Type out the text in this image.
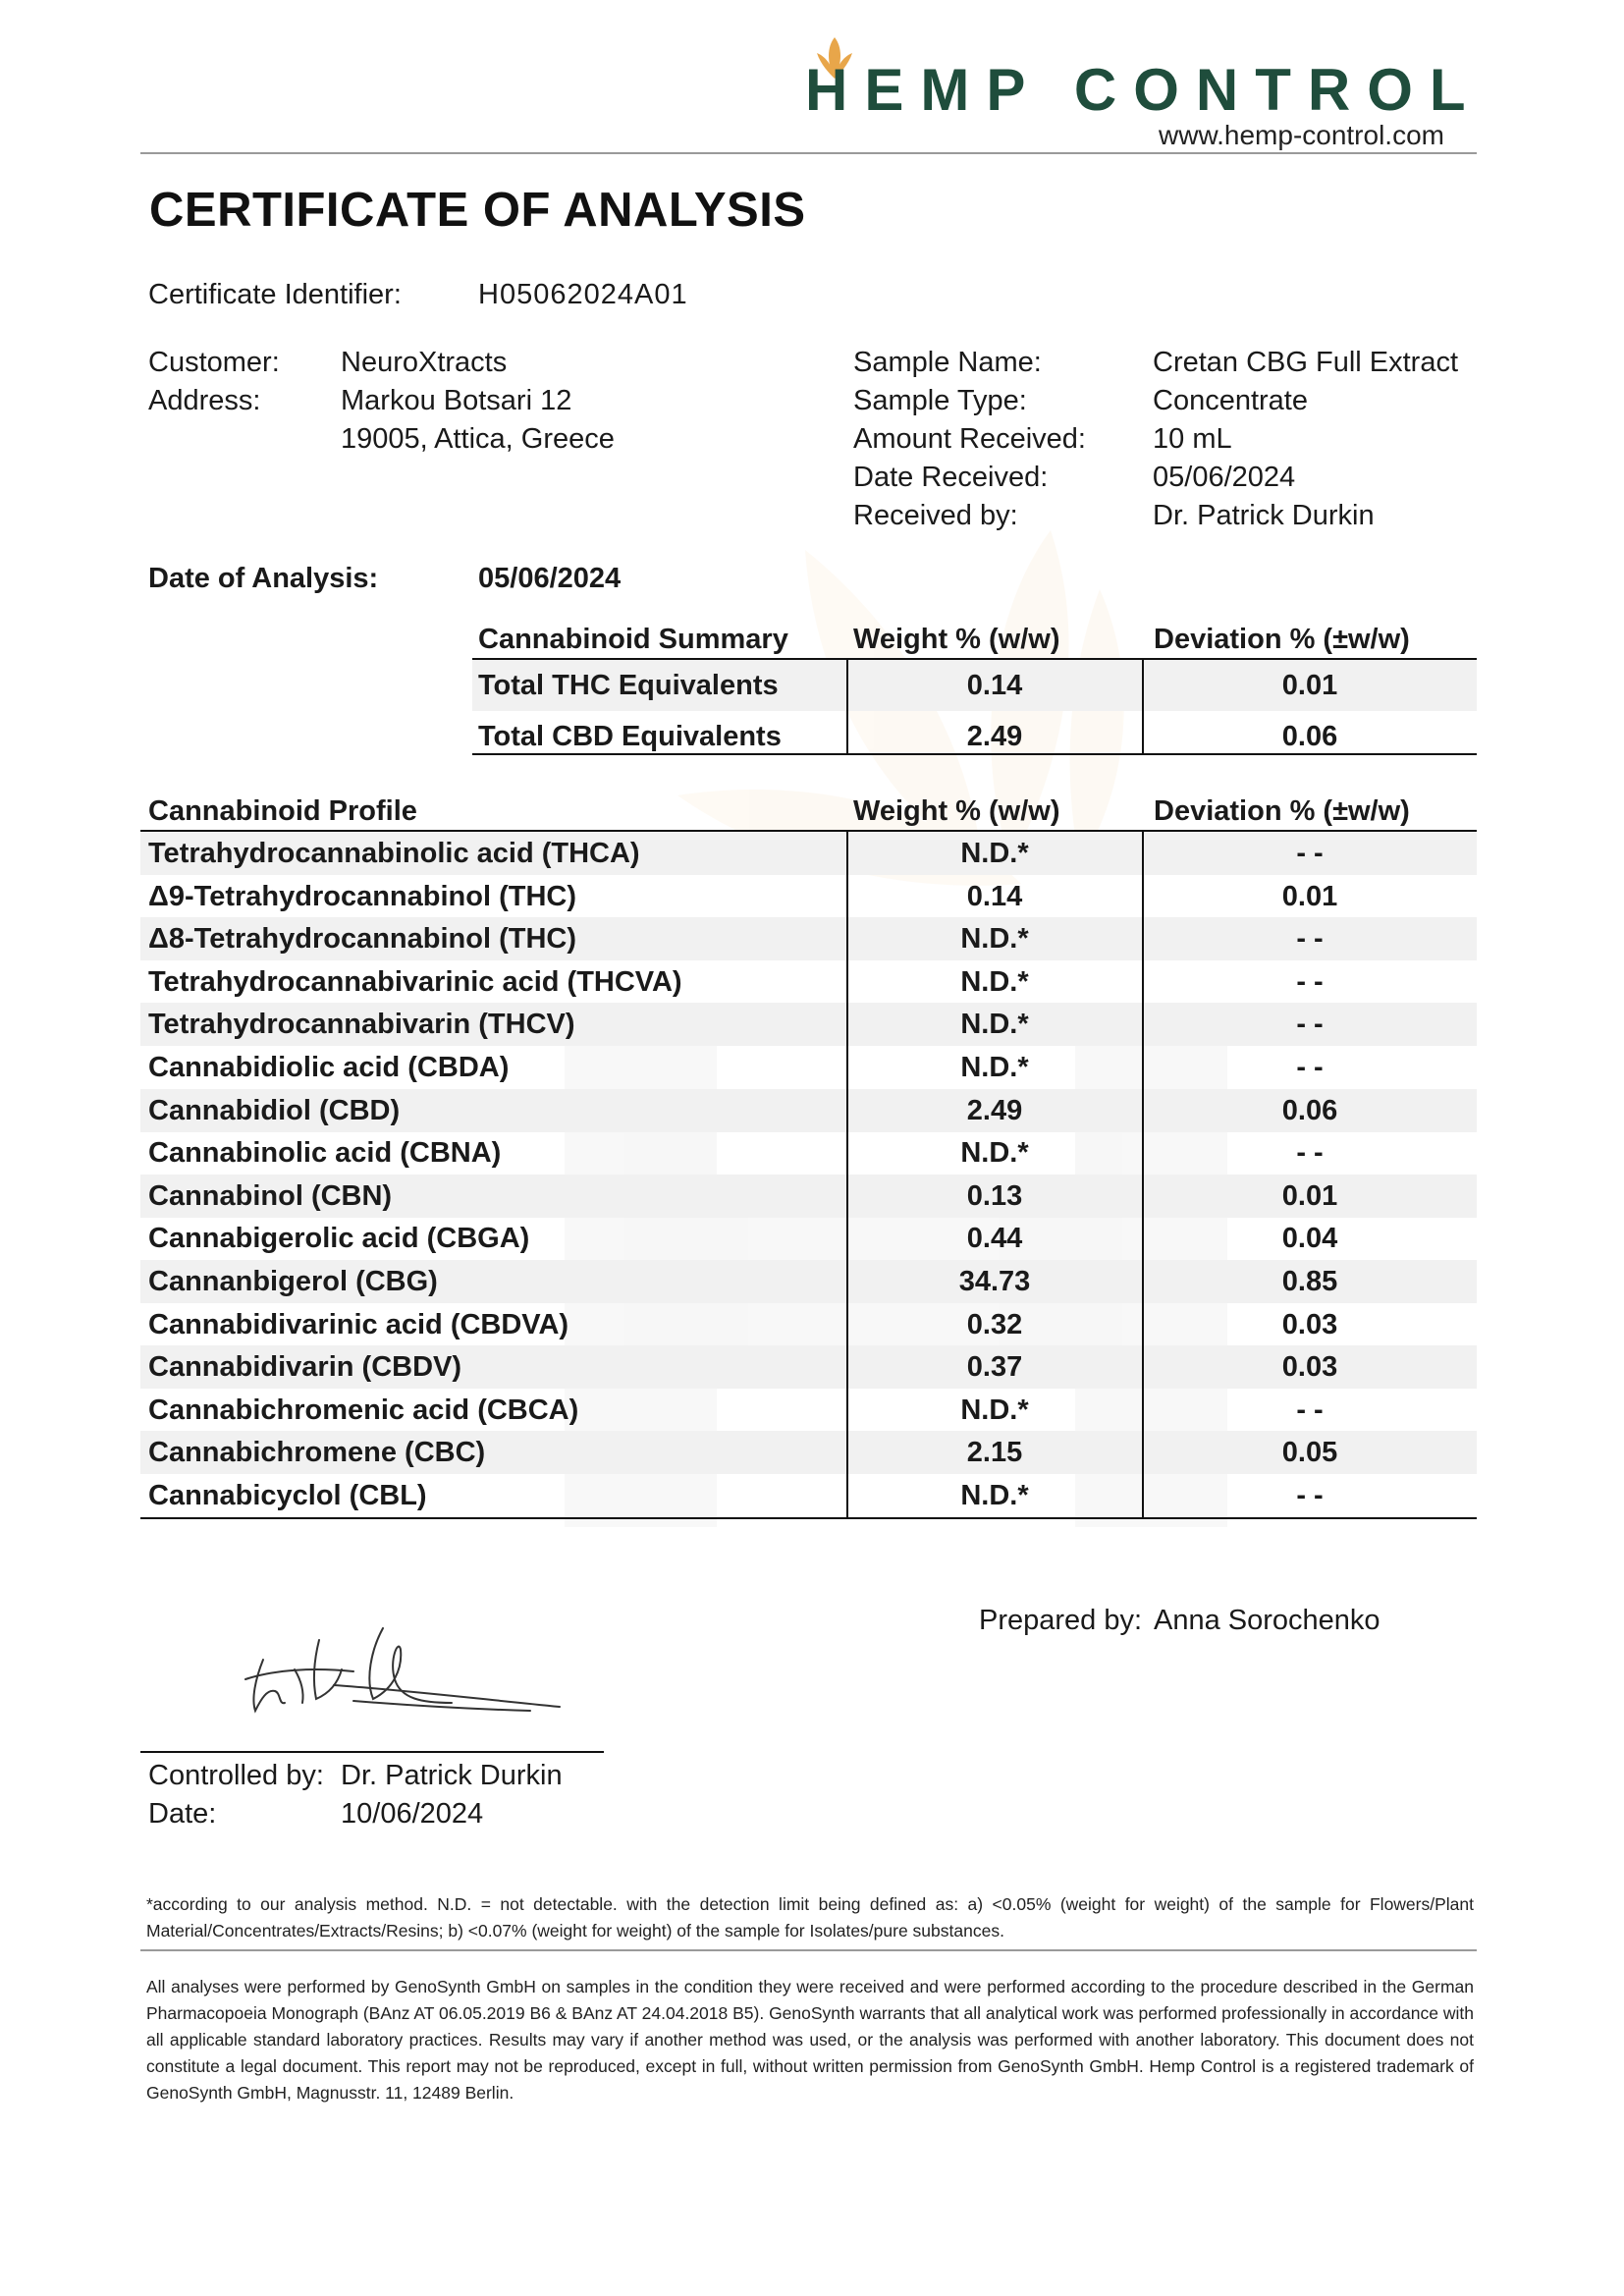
HEMP CONTROL
www.hemp-control.com
CERTIFICATE OF ANALYSIS
Certificate Identifier:	H05062024A01
Customer: NeuroXtracts
Address:	Markou Botsari 12
19005, Attica, Greece
Sample Name:	Cretan CBG Full Extract
Sample Type:	Concentrate
Amount Received: 10 mL
Date Received:	05/06/2024
Received by:	Dr. Patrick Durkin
Date of Analysis:	05/06/2024
Cannabinoid Summary Weight % (w/w)	Deviation % (±w/w)
Total THC Equivalents	0.14	0.01
Total CBD Equivalents	2.49	0.06
Cannabinoid Profile	Weight % (w/w)	Deviation % (±w/w)
Tetrahydrocannabinolic acid (THCA)	N.D.*	- -
Δ9-Tetrahydrocannabinol (THC)	0.14	0.01
Δ8-Tetrahydrocannabinol (THC)	N.D.*	- -
Tetrahydrocannabivarinic acid (THCVA)	N.D.*	- -
Tetrahydrocannabivarin (THCV)	N.D.*	- -
Cannabidiolic acid (CBDA)	N.D.*	- -
Cannabidiol (CBD)	2.49	0.06
Cannabinolic acid (CBNA)	N.D.*	- -
Cannabinol (CBN)	0.13	0.01
Cannabigerolic acid (CBGA)	0.44	0.04
Cannanbigerol (CBG)	34.73	0.85
Cannabidivarinic acid (CBDVA)	0.32	0.03
Cannabidivarin (CBDV)	0.37	0.03
Cannabichromenic acid (CBCA)	N.D.*	- -
Cannabichromene (CBC)	2.15	0.05
Cannabicyclol (CBL)	N.D.*	- -
Prepared by: Anna Sorochenko
Controlled by: Dr. Patrick Durkin
Date:	10/06/2024
*according to our analysis method. N.D. = not detectable. with the detection limit being defined as: a) <0.05% (weight for weight) of the sample for Flowers/Plant Material/Concentrates/Extracts/Resins; b) <0.07% (weight for weight) of the sample for Isolates/pure substances.
All analyses were performed by GenoSynth GmbH on samples in the condition they were received and were performed according to the procedure described in the German Pharmacopoeia Monograph (BAnz AT 06.05.2019 B6 & BAnz AT 24.04.2018 B5). GenoSynth warrants that all analytical work was performed professionally in accordance with all applicable standard laboratory practices. Results may vary if another method was used, or the analysis was performed with another laboratory. This document does not constitute a legal document. This report may not be reproduced, except in full, without written permission from GenoSynth GmbH. Hemp Control is a registered trademark of GenoSynth GmbH, Magnusstr. 11, 12489 Berlin.
